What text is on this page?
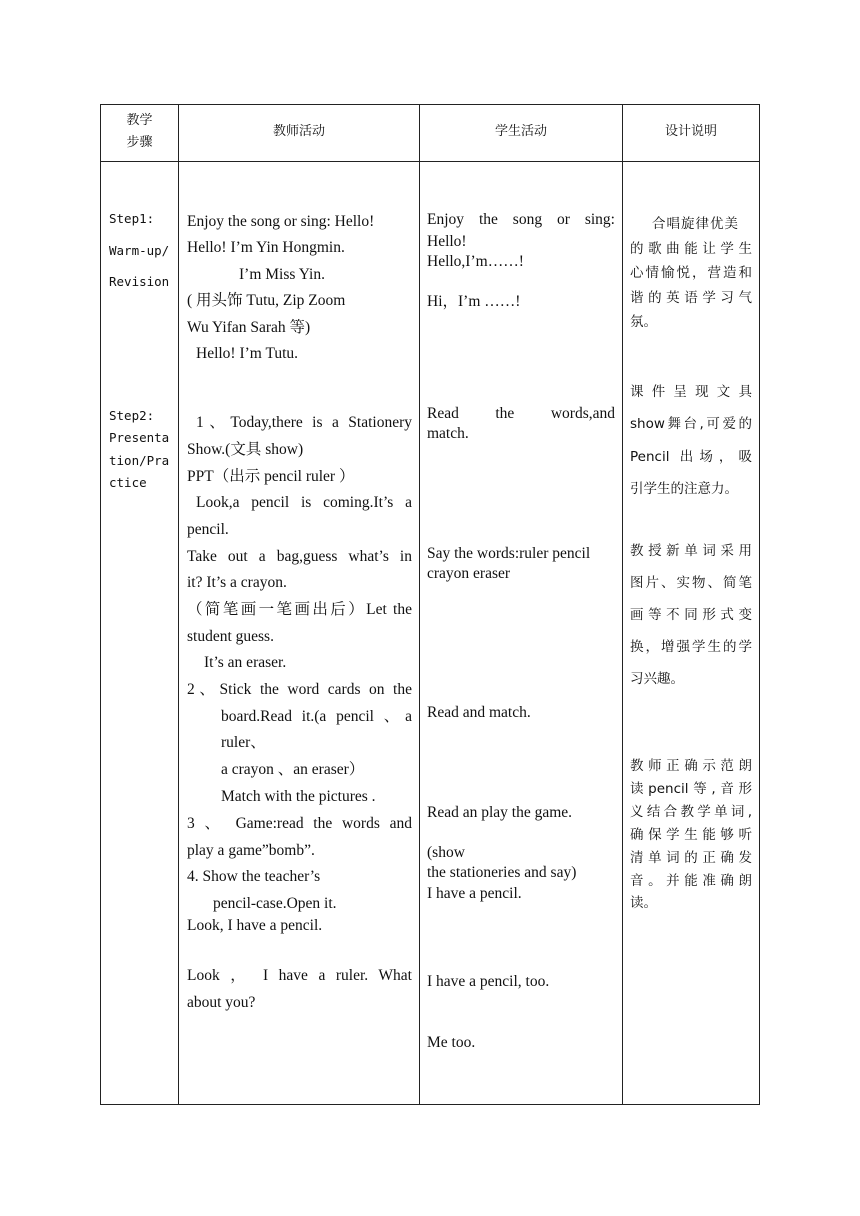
教学
步骤
教师活动	学生活动	设计说明
Step1:
Warm-up/
Revision
Enjoy the song or sing: Hello!
Hello! I’m Yin Hongmin.
I’m Miss Yin.
( 用头饰 Tutu, Zip Zoom
Wu Yifan Sarah 等)
Hello! I’m Tutu.
Enjoy the song or sing:
Hello!
Hello,I’m……!
Hi，I’m ……!
合唱旋律优美
的歌曲能让学生
心情愉悦，营造和
谐的英语学习气
氛。
Step2:
Presenta
tion/Pra
ctice
1、Today,there is a Stationery
Show.(文具 show)
PPT（出示 pencil ruler ）
Look,a pencil is coming.It’s a
pencil.
Take out a bag,guess what’s in
it? It’s a crayon.
（简笔画一笔画出后）Let the
student guess.
It’s an eraser.
2、Stick the word cards on the
board.Read it.(a pencil 、a
ruler、
a crayon 、an eraser）
Match with the pictures .
3 、 Game:read the words and
play a game”bomb”.
4. Show the teacher’s
pencil-case.Open it.
Look, I have a pencil.
Look ， I have a ruler. What
about you?
Read the words,and
match.
Say the words:ruler pencil
crayon eraser
Read and match.
Read an play the game.
(show
the stationeries and say)
I have a pencil.
I have a pencil, too.
Me too.
课 件 呈 现 文 具
show舞台,可爱的
Pencil 出场，吸
引学生的注意力。
教授新单词采用
图片、实物、简笔
画等不同形式变
换，增强学生的学
习兴趣。
教师正确示范朗
读pencil等,音形
义结合教学单词,
确保学生能够听
清单词的正确发
音。并能准确朗
读。
